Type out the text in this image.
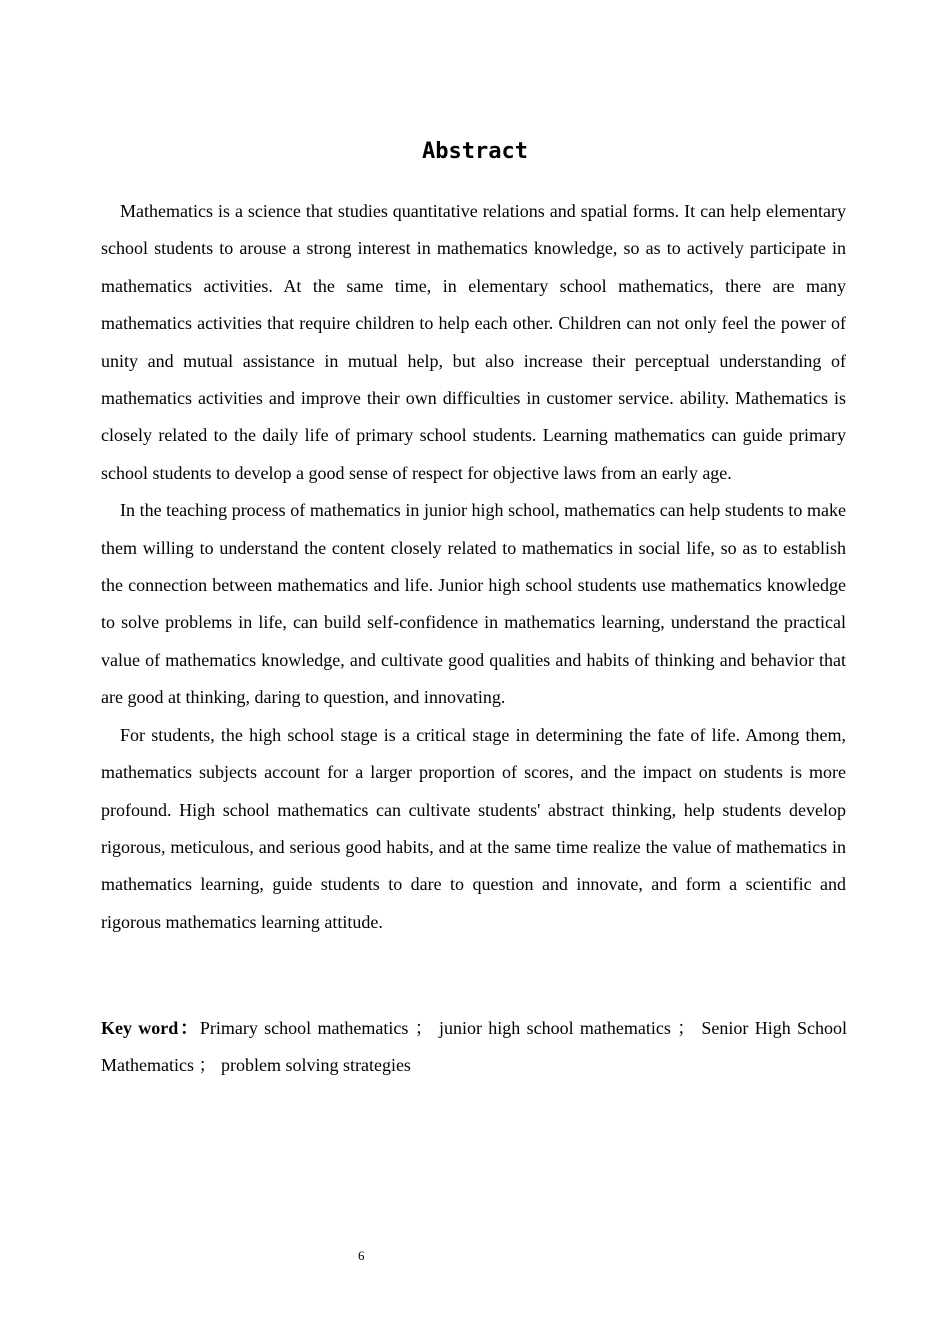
Abstract

Mathematics is a science that studies quantitative relations and spatial forms. It can help elementary school students to arouse a strong interest in mathematics knowledge, so as to actively participate in mathematics activities. At the same time, in elementary school mathematics, there are many mathematics activities that require children to help each other. Children can not only feel the power of unity and mutual assistance in mutual help, but also increase their perceptual understanding of mathematics activities and improve their own difficulties in customer service. ability. Mathematics is closely related to the daily life of primary school students. Learning mathematics can guide primary school students to develop a good sense of respect for objective laws from an early age.

In the teaching process of mathematics in junior high school, mathematics can help students to make them willing to understand the content closely related to mathematics in social life, so as to establish the connection between mathematics and life. Junior high school students use mathematics knowledge to solve problems in life, can build self-confidence in mathematics learning, understand the practical value of mathematics knowledge, and cultivate good qualities and habits of thinking and behavior that are good at thinking, daring to question, and innovating.

For students, the high school stage is a critical stage in determining the fate of life. Among them, mathematics subjects account for a larger proportion of scores, and the impact on students is more profound. High school mathematics can cultivate students' abstract thinking, help students develop rigorous, meticulous, and serious good habits, and at the same time realize the value of mathematics in mathematics learning, guide students to dare to question and innovate, and form a scientific and rigorous mathematics learning attitude.

Key word：Primary school mathematics ； junior high school mathematics ； Senior High School Mathematics ； problem solving strategies
6
